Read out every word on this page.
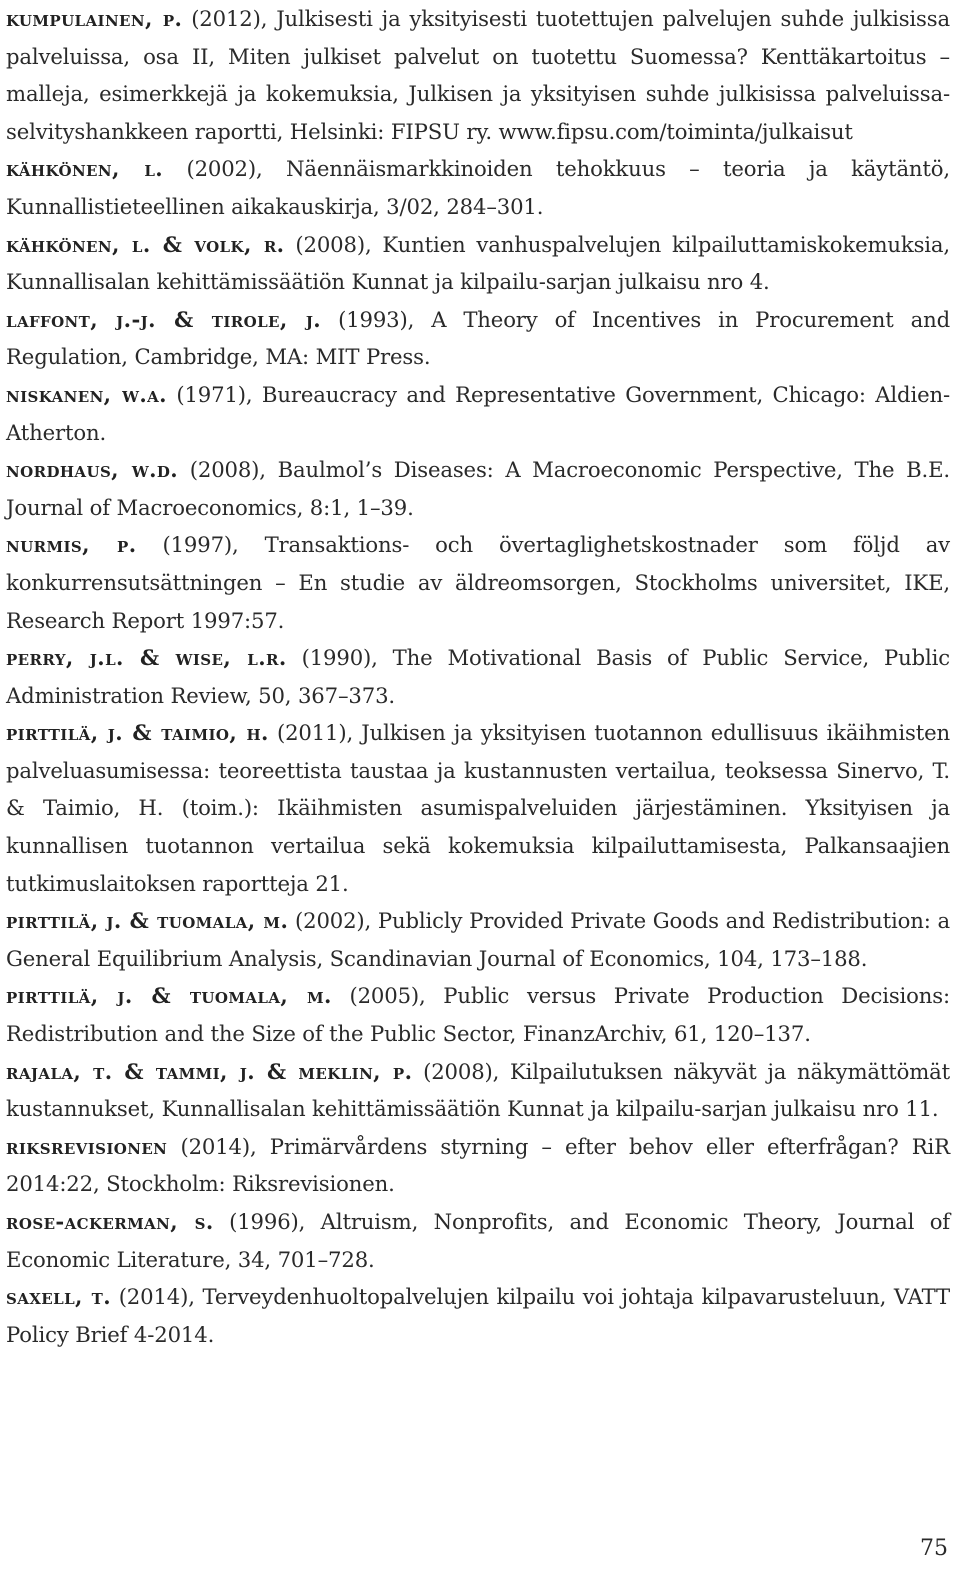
kumpulainen, p. (2012), Julkisesti ja yksityisesti tuotettujen palvelujen suhde julkisissa palveluissa, osa II, Miten julkiset palvelut on tuotettu Suomessa? Kenttäkartoitus – malleja, esimerkkejä ja kokemuksia, Julkisen ja yksityisen suhde julkisissa palveluissa-selvityshankkeen raportti, Helsinki: FIPSU ry. www.fipsu.com/toiminta/julkaisut

kähkönen, l. (2002), Näennäismarkkinoiden tehokkuus – teoria ja käytäntö, Kunnallistieteellinen aikakauskirja, 3/02, 284–301.

kähkönen, l. & volk, r. (2008), Kuntien vanhuspalvelujen kilpailuttamiskokemuksia, Kunnallisalan kehittämissäätiön Kunnat ja kilpailu-sarjan julkaisu nro 4.

laffont, j.-j. & tirole, j. (1993), A Theory of Incentives in Procurement and Regulation, Cambridge, MA: MIT Press.

niskanen, w.a. (1971), Bureaucracy and Representative Government, Chicago: Aldien-Atherton.

nordhaus, w.d. (2008), Baulmol’s Diseases: A Macroeconomic Perspective, The B.E. Journal of Macroeconomics, 8:1, 1–39.

nurmis, p. (1997), Transaktions- och övertaglighetskostnader som följd av konkurrensutsättningen – En studie av äldreomsorgen, Stockholms universitet, IKE, Research Report 1997:57.

perry, j.l. & wise, l.r. (1990), The Motivational Basis of Public Service, Public Administration Review, 50, 367–373.

pirttilä, j. & taimio, h. (2011), Julkisen ja yksityisen tuotannon edullisuus ikäihmisten palveluasumisessa: teoreettista taustaa ja kustannusten vertailua, teoksessa Sinervo, T. & Taimio, H. (toim.): Ikäihmisten asumispalveluiden järjestäminen. Yksityisen ja kunnallisen tuotannon vertailua sekä kokemuksia kilpailuttamisesta, Palkansaajien tutkimuslaitoksen raportteja 21.

pirttilä, j. & tuomala, m. (2002), Publicly Provided Private Goods and Redistribution: a General Equilibrium Analysis, Scandinavian Journal of Economics, 104, 173–188.

pirttilä, j. & tuomala, m. (2005), Public versus Private Production Decisions: Redistribution and the Size of the Public Sector, FinanzArchiv, 61, 120–137.

rajala, t. & tammi, j. & meklin, p. (2008), Kilpailutuksen näkyvät ja näkymättömät kustannukset, Kunnallisalan kehittämissäätiön Kunnat ja kilpailu-sarjan julkaisu nro 11.

riksrevisionen (2014), Primärvårdens styrning – efter behov eller efterfrågan? RiR 2014:22, Stockholm: Riksrevisionen.

rose-ackerman, s. (1996), Altruism, Nonprofits, and Economic Theory, Journal of Economic Literature, 34, 701–728.

saxell, t. (2014), Terveydenhuoltopalvelujen kilpailu voi johtaja kilpavarusteluun, VATT Policy Brief 4-2014.

75
